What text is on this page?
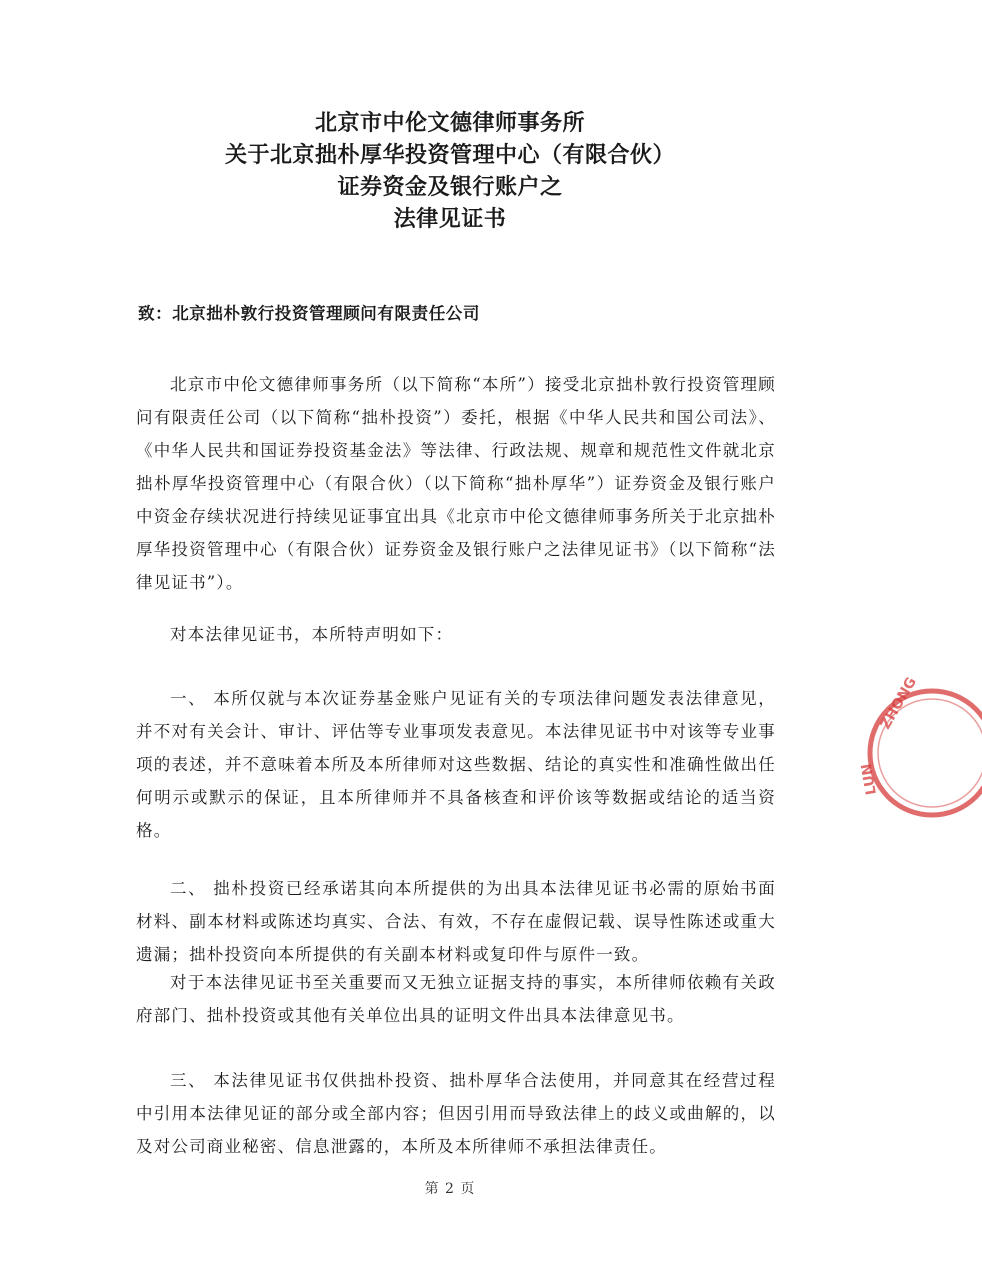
北京市中伦文德律师事务所
关于北京拙朴厚华投资管理中心（有限合伙）
证券资金及银行账户之
法律见证书

致：北京拙朴敦行投资管理顾问有限责任公司

北京市中伦文德律师事务所（以下简称“本所”）接受北京拙朴敦行投资管理顾问有限责任公司（以下简称“拙朴投资”）委托，根据《中华人民共和国公司法》、《中华人民共和国证券投资基金法》等法律、行政法规、规章和规范性文件就北京拙朴厚华投资管理中心（有限合伙）（以下简称“拙朴厚华”）证券资金及银行账户中资金存续状况进行持续见证事宜出具《北京市中伦文德律师事务所关于北京拙朴厚华投资管理中心（有限合伙）证券资金及银行账户之法律见证书》（以下简称“法律见证书”）。

对本法律见证书，本所特声明如下：

一、 本所仅就与本次证券基金账户见证有关的专项法律问题发表法律意见，并不对有关会计、审计、评估等专业事项发表意见。本法律见证书中对该等专业事项的表述，并不意味着本所及本所律师对这些数据、结论的真实性和准确性做出任何明示或默示的保证，且本所律师并不具备核查和评价该等数据或结论的适当资格。

二、 拙朴投资已经承诺其向本所提供的为出具本法律见证书必需的原始书面材料、副本材料或陈述均真实、合法、有效，不存在虚假记载、误导性陈述或重大遗漏；拙朴投资向本所提供的有关副本材料或复印件与原件一致。

对于本法律见证书至关重要而又无独立证据支持的事实，本所律师依赖有关政府部门、拙朴投资或其他有关单位出具的证明文件出具本法律意见书。

三、 本法律见证书仅供拙朴投资、拙朴厚华合法使用，并同意其在经营过程中引用本法律见证的部分或全部内容；但因引用而导致法律上的歧义或曲解的，以及对公司商业秘密、信息泄露的，本所及本所律师不承担法律责任。

ZHONG
LUN
第 2 页
